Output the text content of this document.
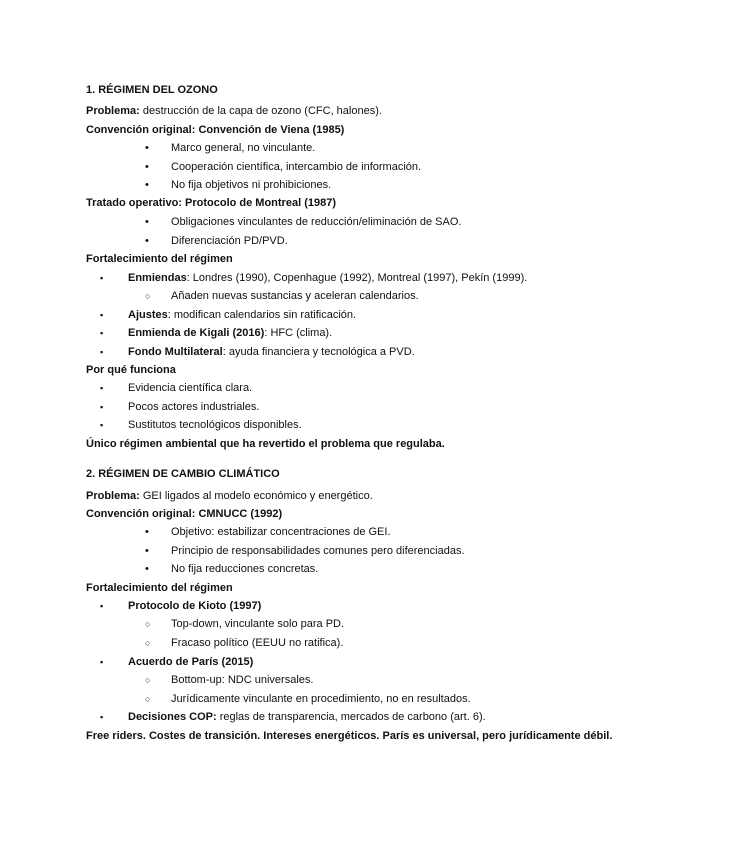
1. RÉGIMEN DEL OZONO
Problema: destrucción de la capa de ozono (CFC, halones).
Convención original: Convención de Viena (1985)
• Marco general, no vinculante.
• Cooperación científica, intercambio de información.
• No fija objetivos ni prohibiciones.
Tratado operativo: Protocolo de Montreal (1987)
• Obligaciones vinculantes de reducción/eliminación de SAO.
• Diferenciación PD/PVD.
Fortalecimiento del régimen
▪ Enmiendas: Londres (1990), Copenhague (1992), Montreal (1997), Pekín (1999).
○ Añaden nuevas sustancias y aceleran calendarios.
▪ Ajustes: modifican calendarios sin ratificación.
▪ Enmienda de Kigali (2016): HFC (clima).
▪ Fondo Multilateral: ayuda financiera y tecnológica a PVD.
Por qué funciona
▪ Evidencia científica clara.
▪ Pocos actores industriales.
▪ Sustitutos tecnológicos disponibles.
Único régimen ambiental que ha revertido el problema que regulaba.
2. RÉGIMEN DE CAMBIO CLIMÁTICO
Problema: GEI ligados al modelo económico y energético.
Convención original: CMNUCC (1992)
• Objetivo: estabilizar concentraciones de GEI.
• Principio de responsabilidades comunes pero diferenciadas.
• No fija reducciones concretas.
Fortalecimiento del régimen
▪ Protocolo de Kioto (1997)
○ Top-down, vinculante solo para PD.
○ Fracaso político (EEUU no ratifica).
▪ Acuerdo de París (2015)
○ Bottom-up: NDC universales.
○ Jurídicamente vinculante en procedimiento, no en resultados.
▪ Decisiones COP: reglas de transparencia, mercados de carbono (art. 6).
Free riders. Costes de transición. Intereses energéticos. París es universal, pero jurídicamente débil.
